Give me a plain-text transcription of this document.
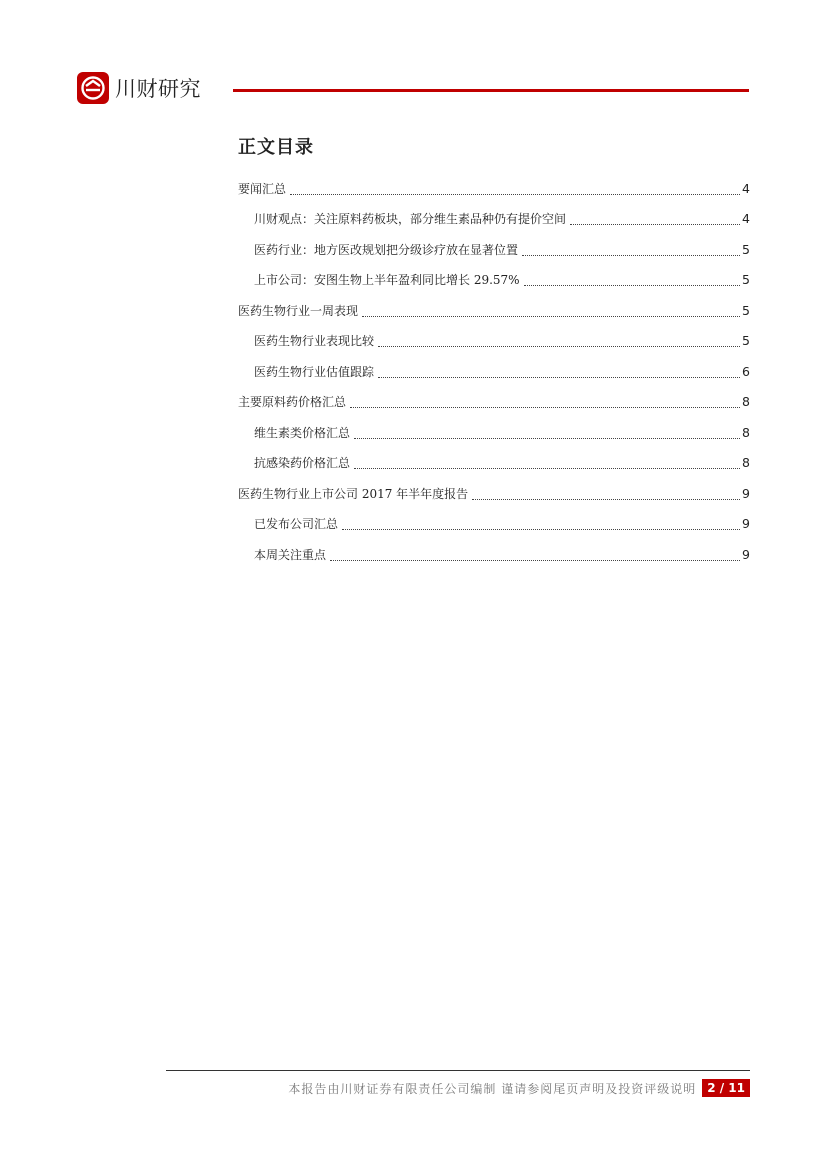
川财研究
正文目录
要闻汇总	4
川财观点：关注原料药板块，部分维生素品种仍有提价空间	4
医药行业：地方医改规划把分级诊疗放在显著位置	5
上市公司：安图生物上半年盈利同比增长 29.57%	5
医药生物行业一周表现	5
医药生物行业表现比较	5
医药生物行业估值跟踪	6
主要原料药价格汇总	8
维生素类价格汇总	8
抗感染药价格汇总	8
医药生物行业上市公司 2017 年半年度报告	9
已发布公司汇总	9
本周关注重点	9
本报告由川财证券有限责任公司编制 谨请参阅尾页声明及投资评级说明 2 / 11
